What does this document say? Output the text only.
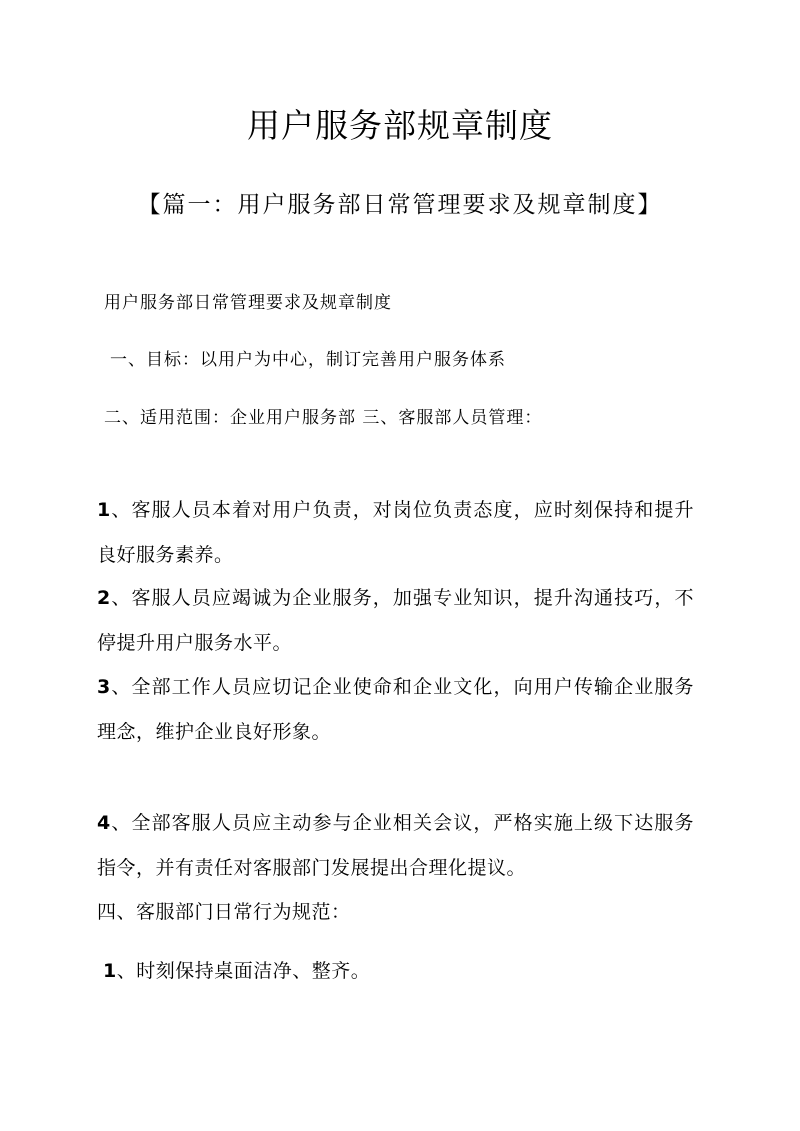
用户服务部规章制度
【篇一：用户服务部日常管理要求及规章制度】
用户服务部日常管理要求及规章制度
一、目标：以用户为中心，制订完善用户服务体系
二、适用范围：企业用户服务部 三、客服部人员管理：
1、客服人员本着对用户负责，对岗位负责态度，应时刻保持和提升
良好服务素养。
2、客服人员应竭诚为企业服务，加强专业知识，提升沟通技巧，不
停提升用户服务水平。
3、全部工作人员应切记企业使命和企业文化，向用户传输企业服务
理念，维护企业良好形象。
4、全部客服人员应主动参与企业相关会议，严格实施上级下达服务
指令，并有责任对客服部门发展提出合理化提议。
四、客服部门日常行为规范：
1、时刻保持桌面洁净、整齐。
